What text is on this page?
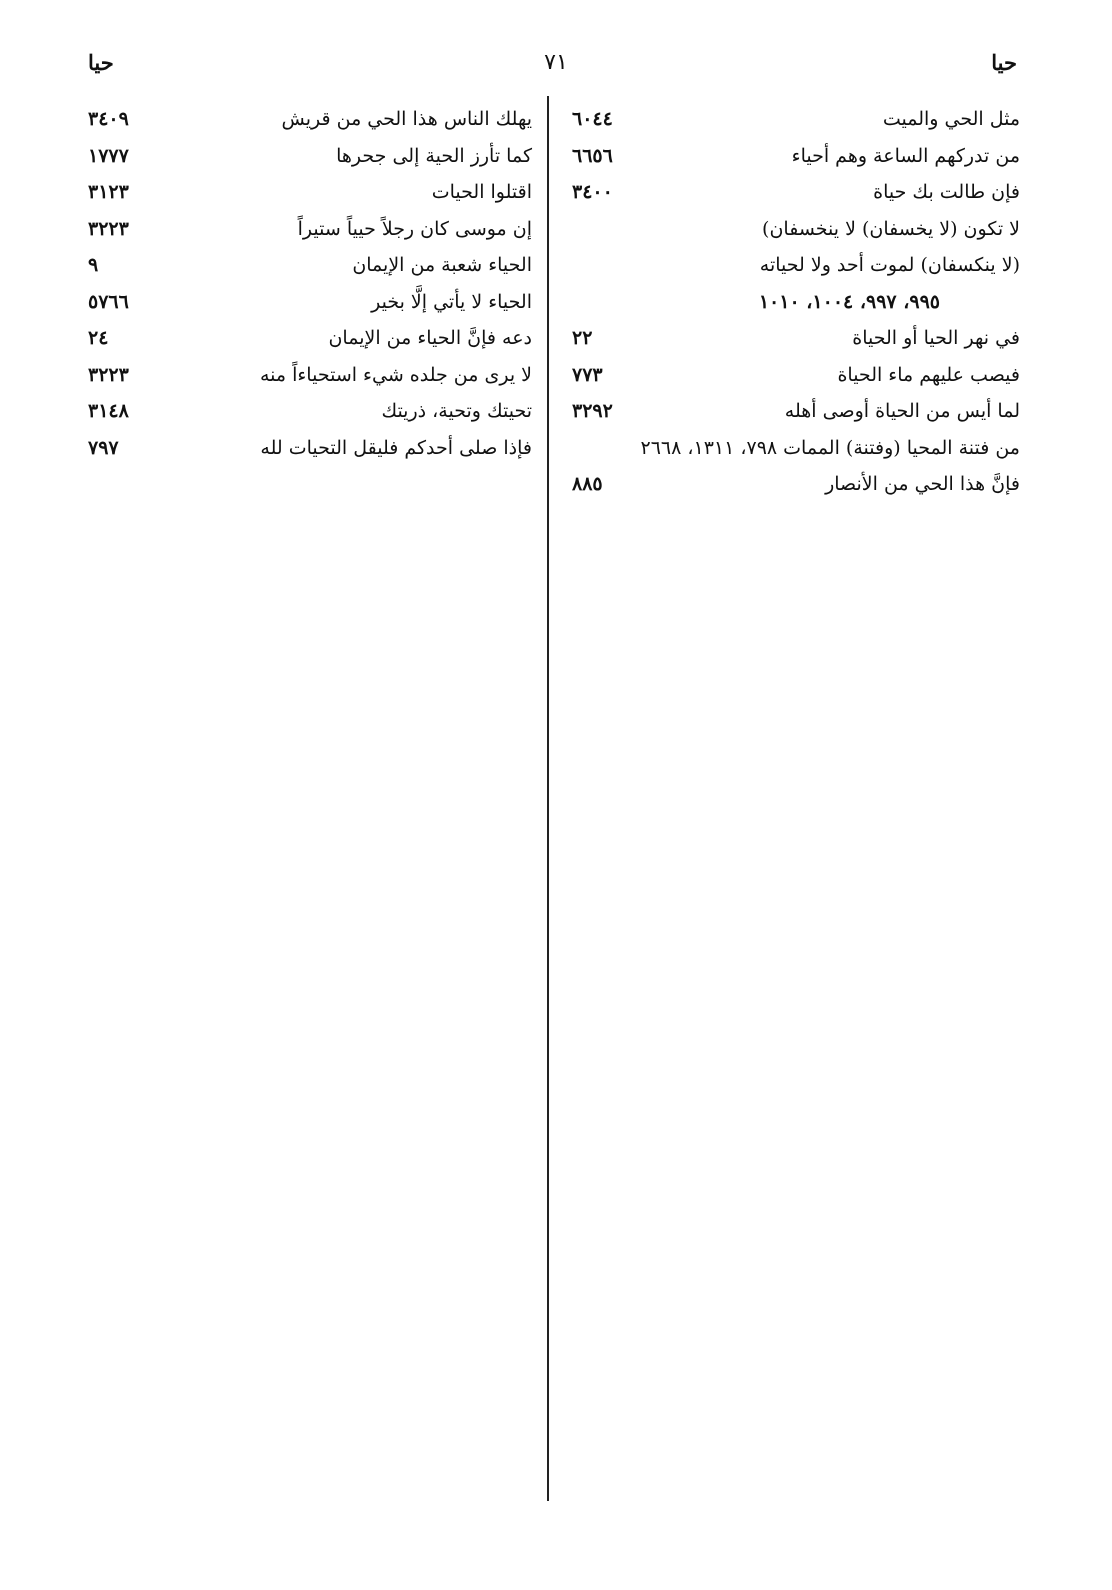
حيا
٧١
حيا
مثل الحي والميت
٦٠٤٤
من تدركهم الساعة وهم أحياء
٦٦٥٦
فإن طالت بك حياة
٣٤٠٠
لا تكون (لا يخسفان) لا ينخسفان)
(لا ينكسفان) لموت أحد ولا لحياته
٩٩٥، ٩٩٧، ١٠٠٤، ١٠١٠
في نهر الحيا أو الحياة
٢٢
فيصب عليهم ماء الحياة
٧٧٣
لما أيس من الحياة أوصى أهله
٣٢٩٢
من فتنة المحيا (وفتنة) الممات ٧٩٨، ١٣١١، ٢٦٦٨
فإنَّ هذا الحي من الأنصار
٨٨٥
يهلك الناس هذا الحي من قريش
٣٤٠٩
كما تأرز الحية إلى جحرها
١٧٧٧
اقتلوا الحيات
٣١٢٣
إن موسى كان رجلاً حيياً ستيراً
٣٢٢٣
الحياء شعبة من الإيمان
٩
الحياء لا يأتي إلَّا بخير
٥٧٦٦
دعه فإنَّ الحياء من الإيمان
٢٤
لا يرى من جلده شيء استحياءاً منه
٣٢٢٣
تحيتك وتحية، ذريتك
٣١٤٨
فإذا صلى أحدكم فليقل التحيات لله
٧٩٧
